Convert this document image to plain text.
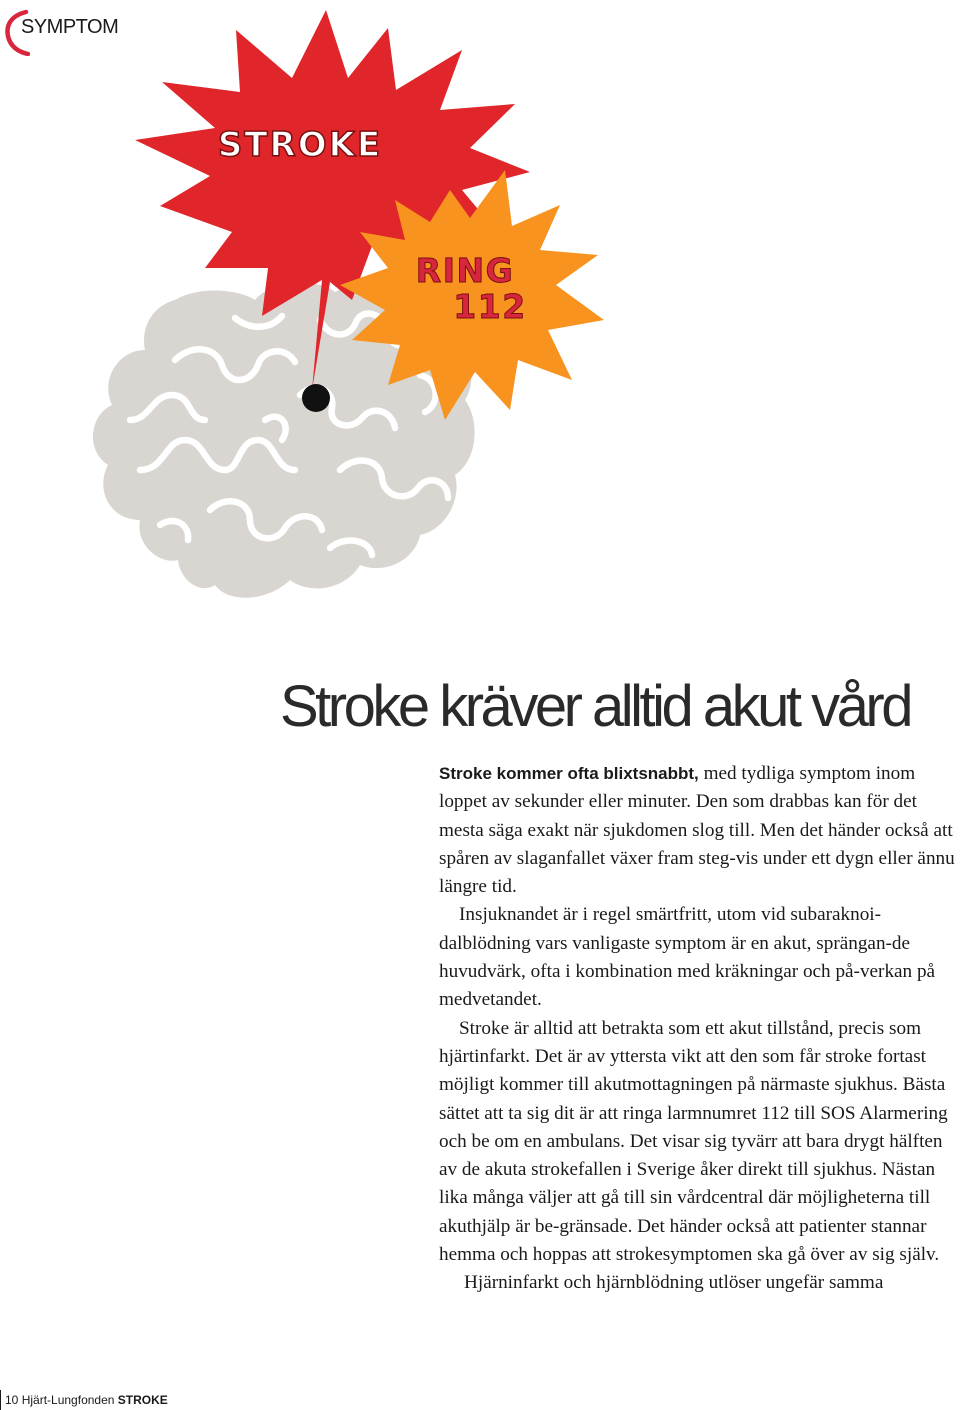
SYMPTOM
STROKE
RING
112
Stroke kräver alltid akut vård

Stroke kommer ofta blixtsnabbt, med tydliga symptom inom loppet av sekunder eller minuter. Den som drabbas kan för det mesta säga exakt när sjukdomen slog till. Men det händer också att spåren av slaganfallet växer fram steg-vis under ett dygn eller ännu längre tid.

Insjuknandet är i regel smärtfritt, utom vid subaraknoi-dalblödning vars vanligaste symptom är en akut, sprängan-de huvudvärk, ofta i kombination med kräkningar och på-verkan på medvetandet.

Stroke är alltid att betrakta som ett akut tillstånd, precis som hjärtinfarkt. Det är av yttersta vikt att den som får stroke fortast möjligt kommer till akutmottagningen på närmaste sjukhus. Bästa sättet att ta sig dit är att ringa larmnumret 112 till SOS Alarmering och be om en ambulans. Det visar sig tyvärr att bara drygt hälften av de akuta strokefallen i Sverige åker direkt till sjukhus. Nästan lika många väljer att gå till sin vårdcentral där möjligheterna till akuthjälp är be-gränsade. Det händer också att patienter stannar hemma och hoppas att strokesymptomen ska gå över av sig själv.

Hjärninfarkt och hjärnblödning utlöser ungefär samma

10 Hjärt-Lungfonden STROKE
